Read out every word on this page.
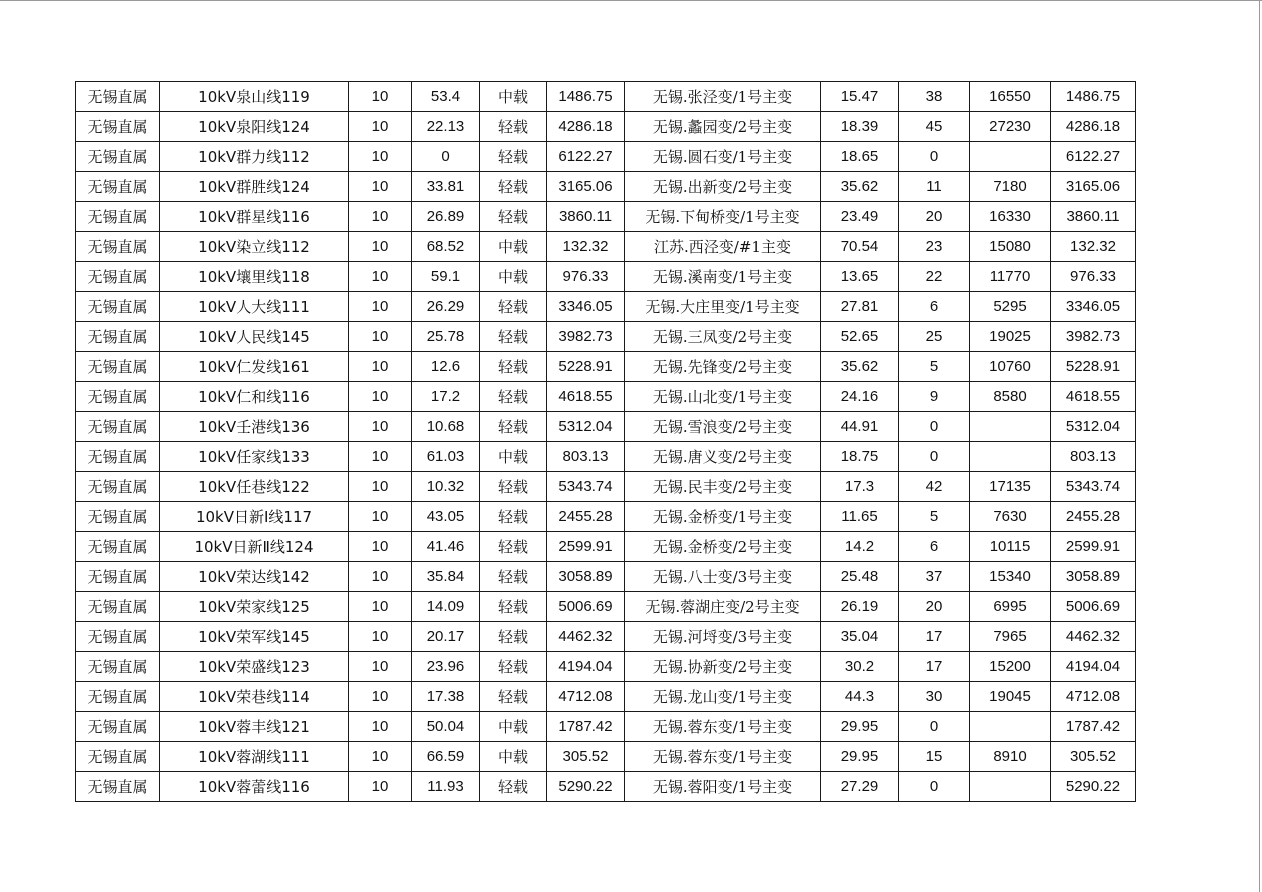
无锡直属	10kV泉山线119	10	53.4	中载	1486.75	无锡.张泾变/1号主变	15.47	38	16550	1486.75
无锡直属	10kV泉阳线124	10	22.13	轻载	4286.18	无锡.蠡园变/2号主变	18.39	45	27230	4286.18
无锡直属	10kV群力线112	10	0	轻载	6122.27	无锡.圆石变/1号主变	18.65	0		6122.27
无锡直属	10kV群胜线124	10	33.81	轻载	3165.06	无锡.出新变/2号主变	35.62	11	7180	3165.06
无锡直属	10kV群星线116	10	26.89	轻载	3860.11	无锡.下甸桥变/1号主变	23.49	20	16330	3860.11
无锡直属	10kV染立线112	10	68.52	中载	132.32	江苏.西泾变/#1主变	70.54	23	15080	132.32
无锡直属	10kV壤里线118	10	59.1	中载	976.33	无锡.溪南变/1号主变	13.65	22	11770	976.33
无锡直属	10kV人大线111	10	26.29	轻载	3346.05	无锡.大庄里变/1号主变	27.81	6	5295	3346.05
无锡直属	10kV人民线145	10	25.78	轻载	3982.73	无锡.三凤变/2号主变	52.65	25	19025	3982.73
无锡直属	10kV仁发线161	10	12.6	轻载	5228.91	无锡.先锋变/2号主变	35.62	5	10760	5228.91
无锡直属	10kV仁和线116	10	17.2	轻载	4618.55	无锡.山北变/1号主变	24.16	9	8580	4618.55
无锡直属	10kV壬港线136	10	10.68	轻载	5312.04	无锡.雪浪变/2号主变	44.91	0		5312.04
无锡直属	10kV任家线133	10	61.03	中载	803.13	无锡.唐义变/2号主变	18.75	0		803.13
无锡直属	10kV任巷线122	10	10.32	轻载	5343.74	无锡.民丰变/2号主变	17.3	42	17135	5343.74
无锡直属	10kV日新Ⅰ线117	10	43.05	轻载	2455.28	无锡.金桥变/1号主变	11.65	5	7630	2455.28
无锡直属	10kV日新Ⅱ线124	10	41.46	轻载	2599.91	无锡.金桥变/2号主变	14.2	6	10115	2599.91
无锡直属	10kV荣达线142	10	35.84	轻载	3058.89	无锡.八士变/3号主变	25.48	37	15340	3058.89
无锡直属	10kV荣家线125	10	14.09	轻载	5006.69	无锡.蓉湖庄变/2号主变	26.19	20	6995	5006.69
无锡直属	10kV荣军线145	10	20.17	轻载	4462.32	无锡.河埒变/3号主变	35.04	17	7965	4462.32
无锡直属	10kV荣盛线123	10	23.96	轻载	4194.04	无锡.协新变/2号主变	30.2	17	15200	4194.04
无锡直属	10kV荣巷线114	10	17.38	轻载	4712.08	无锡.龙山变/1号主变	44.3	30	19045	4712.08
无锡直属	10kV蓉丰线121	10	50.04	中载	1787.42	无锡.蓉东变/1号主变	29.95	0		1787.42
无锡直属	10kV蓉湖线111	10	66.59	中载	305.52	无锡.蓉东变/1号主变	29.95	15	8910	305.52
无锡直属	10kV蓉蕾线116	10	11.93	轻载	5290.22	无锡.蓉阳变/1号主变	27.29	0		5290.22
